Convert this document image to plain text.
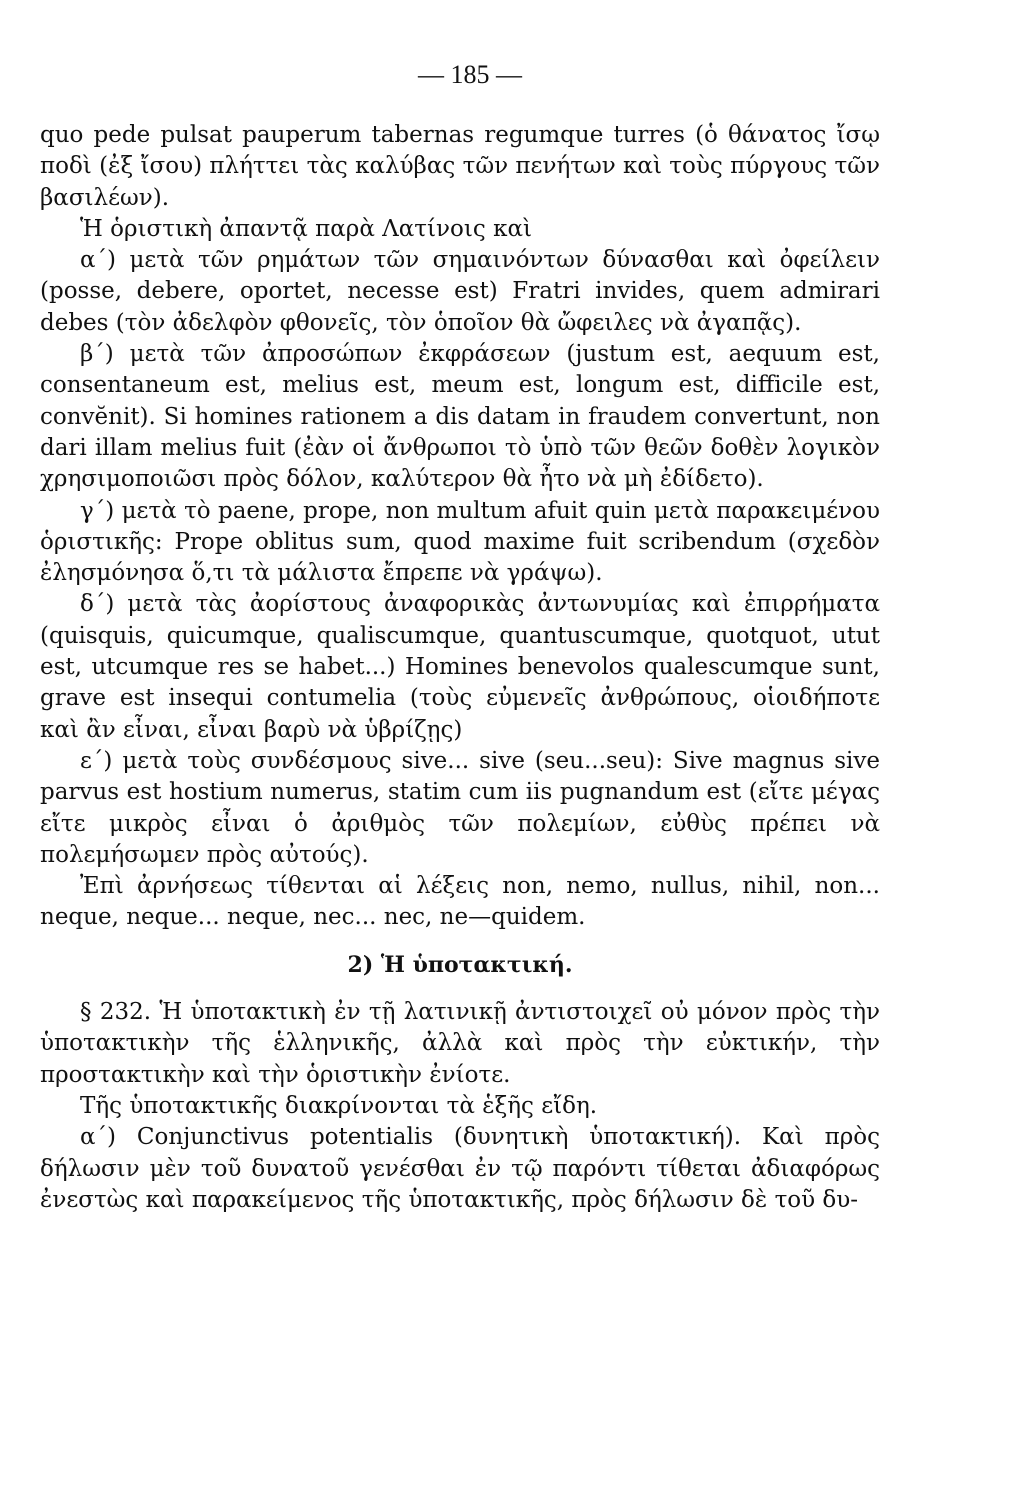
— 185 —

quo pede pulsat pauperum tabernas regumque turres (ὁ θάνατος ἴσῳ ποδὶ (ἐξ ἴσου) πλήττει τὰς καλύβας τῶν πενήτων καὶ τοὺς πύργους τῶν βασιλέων).

Ἡ ὁριστικὴ ἀπαντᾷ παρὰ Λατίνοις καὶ

α΄) μετὰ τῶν ρημάτων τῶν σημαινόντων δύνασθαι καὶ ὀφείλειν (posse, debere, oportet, necesse est) Fratri invides, quem admirari debes (τὸν ἀδελφὸν φθονεῖς, τὸν ὁποῖον θὰ ὤφειλες νὰ ἀγαπᾷς).

β΄) μετὰ τῶν ἀπροσώπων ἐκφράσεων (justum est, aequum est, consentaneum est, melius est, meum est, longum est, difficile est, convĕnit). Si homines rationem a dis datam in fraudem convertunt, non dari illam melius fuit (ἐὰν οἱ ἄνθρωποι τὸ ὑπὸ τῶν θεῶν δοθὲν λογικὸν χρησιμοποιῶσι πρὸς δόλον, καλύτερον θὰ ἦτο νὰ μὴ ἐδίδετο).

γ΄) μετὰ τὸ paene, prope, non multum afuit quin μετὰ παρακειμένου ὁριστικῆς: Prope oblitus sum, quod maxime fuit scribendum (σχεδὸν ἐλησμόνησα ὅ,τι τὰ μάλιστα ἔπρεπε νὰ γράψω).

δ΄) μετὰ τὰς ἀορίστους ἀναφορικὰς ἀντωνυμίας καὶ ἐπιρρήματα (quisquis, quicumque, qualiscumque, quantuscumque, quotquot, utut est, utcumque res se habet...) Homines benevolos qualescumque sunt, grave est insequi contumelia (τοὺς εὐμενεῖς ἀνθρώπους, οἱοιδήποτε καὶ ἂν εἶναι, εἶναι βαρὺ νὰ ὑβρίζῃς)

ε΄) μετὰ τοὺς συνδέσμους sive... sive (seu...seu): Sive magnus sive parvus est hostium numerus, statim cum iis pugnandum est (εἴτε μέγας εἴτε μικρὸς εἶναι ὁ ἀριθμὸς τῶν πολεμίων, εὐθὺς πρέπει νὰ πολεμήσωμεν πρὸς αὐτούς).

Ἐπὶ ἀρνήσεως τίθενται αἱ λέξεις non, nemo, nullus, nihil, non... neque, neque... neque, nec... nec, ne—quidem.

2) Ἡ ὑποτακτική.

§ 232. Ἡ ὑποτακτικὴ ἐν τῇ λατινικῇ ἀντιστοιχεῖ οὐ μόνον πρὸς τὴν ὑποτακτικὴν τῆς ἑλληνικῆς, ἀλλὰ καὶ πρὸς τὴν εὐκτικήν, τὴν προστακτικὴν καὶ τὴν ὁριστικὴν ἐνίοτε.

Τῆς ὑποτακτικῆς διακρίνονται τὰ ἑξῆς εἴδη.

α΄) Conjunctivus potentialis (δυνητικὴ ὑποτακτική). Καὶ πρὸς δήλωσιν μὲν τοῦ δυνατοῦ γενέσθαι ἐν τῷ παρόντι τίθεται ἀδιαφόρως ἐνεστὼς καὶ παρακείμενος τῆς ὑποτακτικῆς, πρὸς δήλωσιν δὲ τοῦ δυ-
